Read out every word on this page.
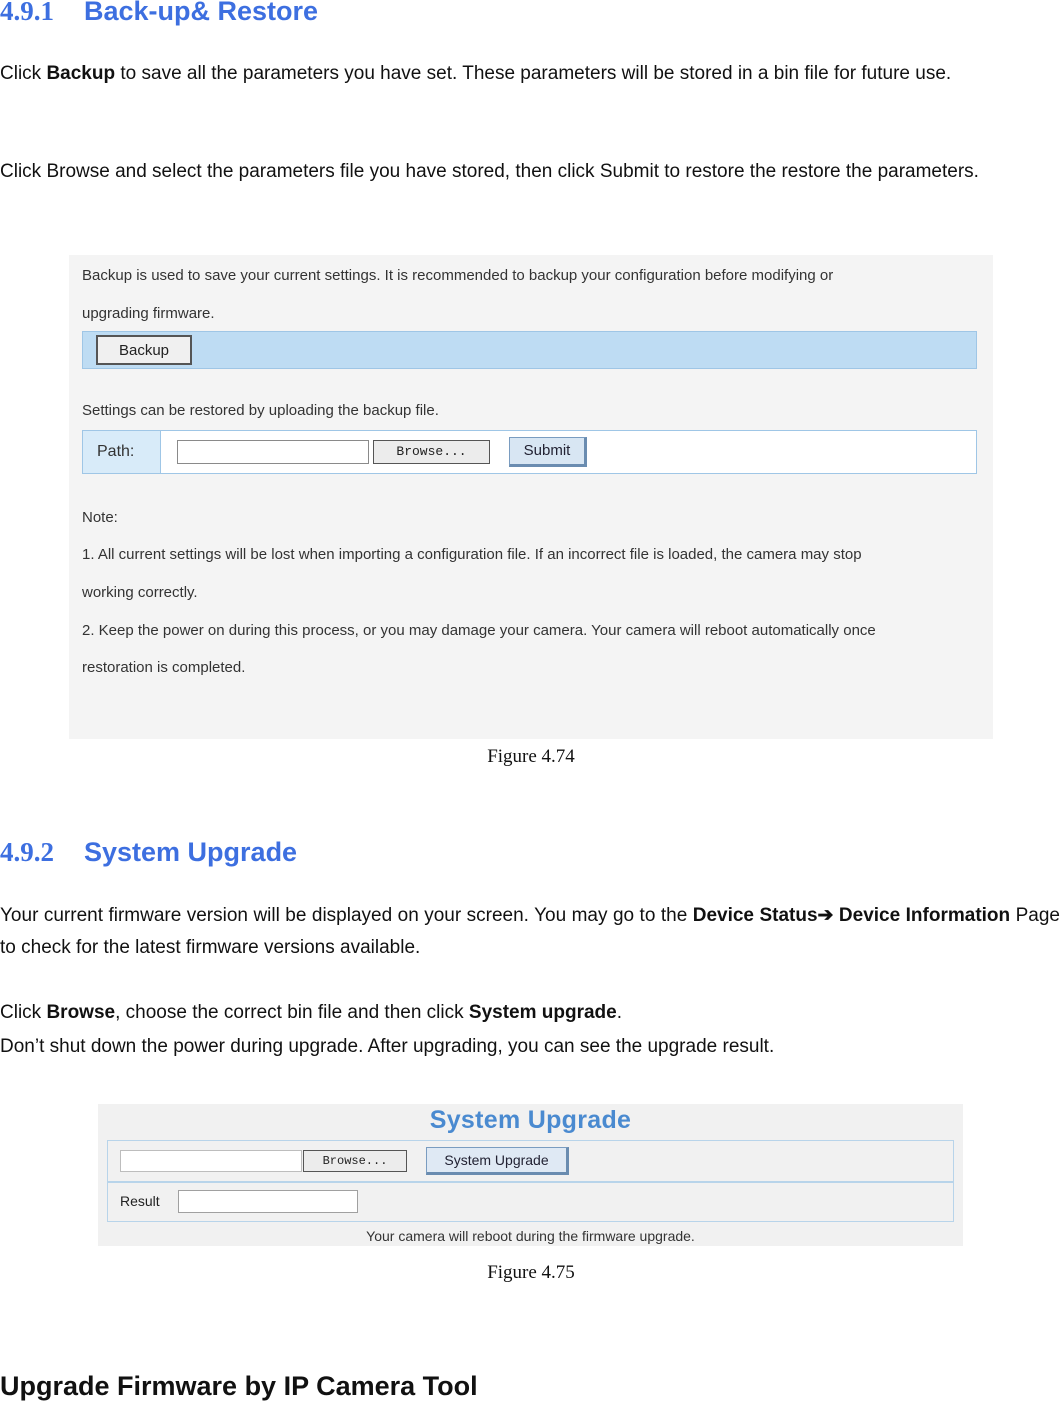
4.9.1 Back-up& Restore

Click Backup to save all the parameters you have set. These parameters will be stored in a bin file for future use.

Click Browse and select the parameters file you have stored, then click Submit to restore the restore the parameters.

Backup is used to save your current settings. It is recommended to backup your configuration before modifying or
upgrading firmware.
Backup
Settings can be restored by uploading the backup file.
Path:	Browse...	Submit
Note:
1. All current settings will be lost when importing a configuration file. If an incorrect file is loaded, the camera may stop
working correctly.
2. Keep the power on during this process, or you may damage your camera. Your camera will reboot automatically once
restoration is completed.
Figure 4.74
4.9.2 System Upgrade

Your current firmware version will be displayed on your screen. You may go to the Device Status➔ Device Information Page to check for the latest firmware versions available.

Click Browse, choose the correct bin file and then click System upgrade.

Don’t shut down the power during upgrade. After upgrading, you can see the upgrade result.

System Upgrade
Browse...	System Upgrade
Result
Your camera will reboot during the firmware upgrade.
Figure 4.75
Upgrade Firmware by IP Camera Tool
